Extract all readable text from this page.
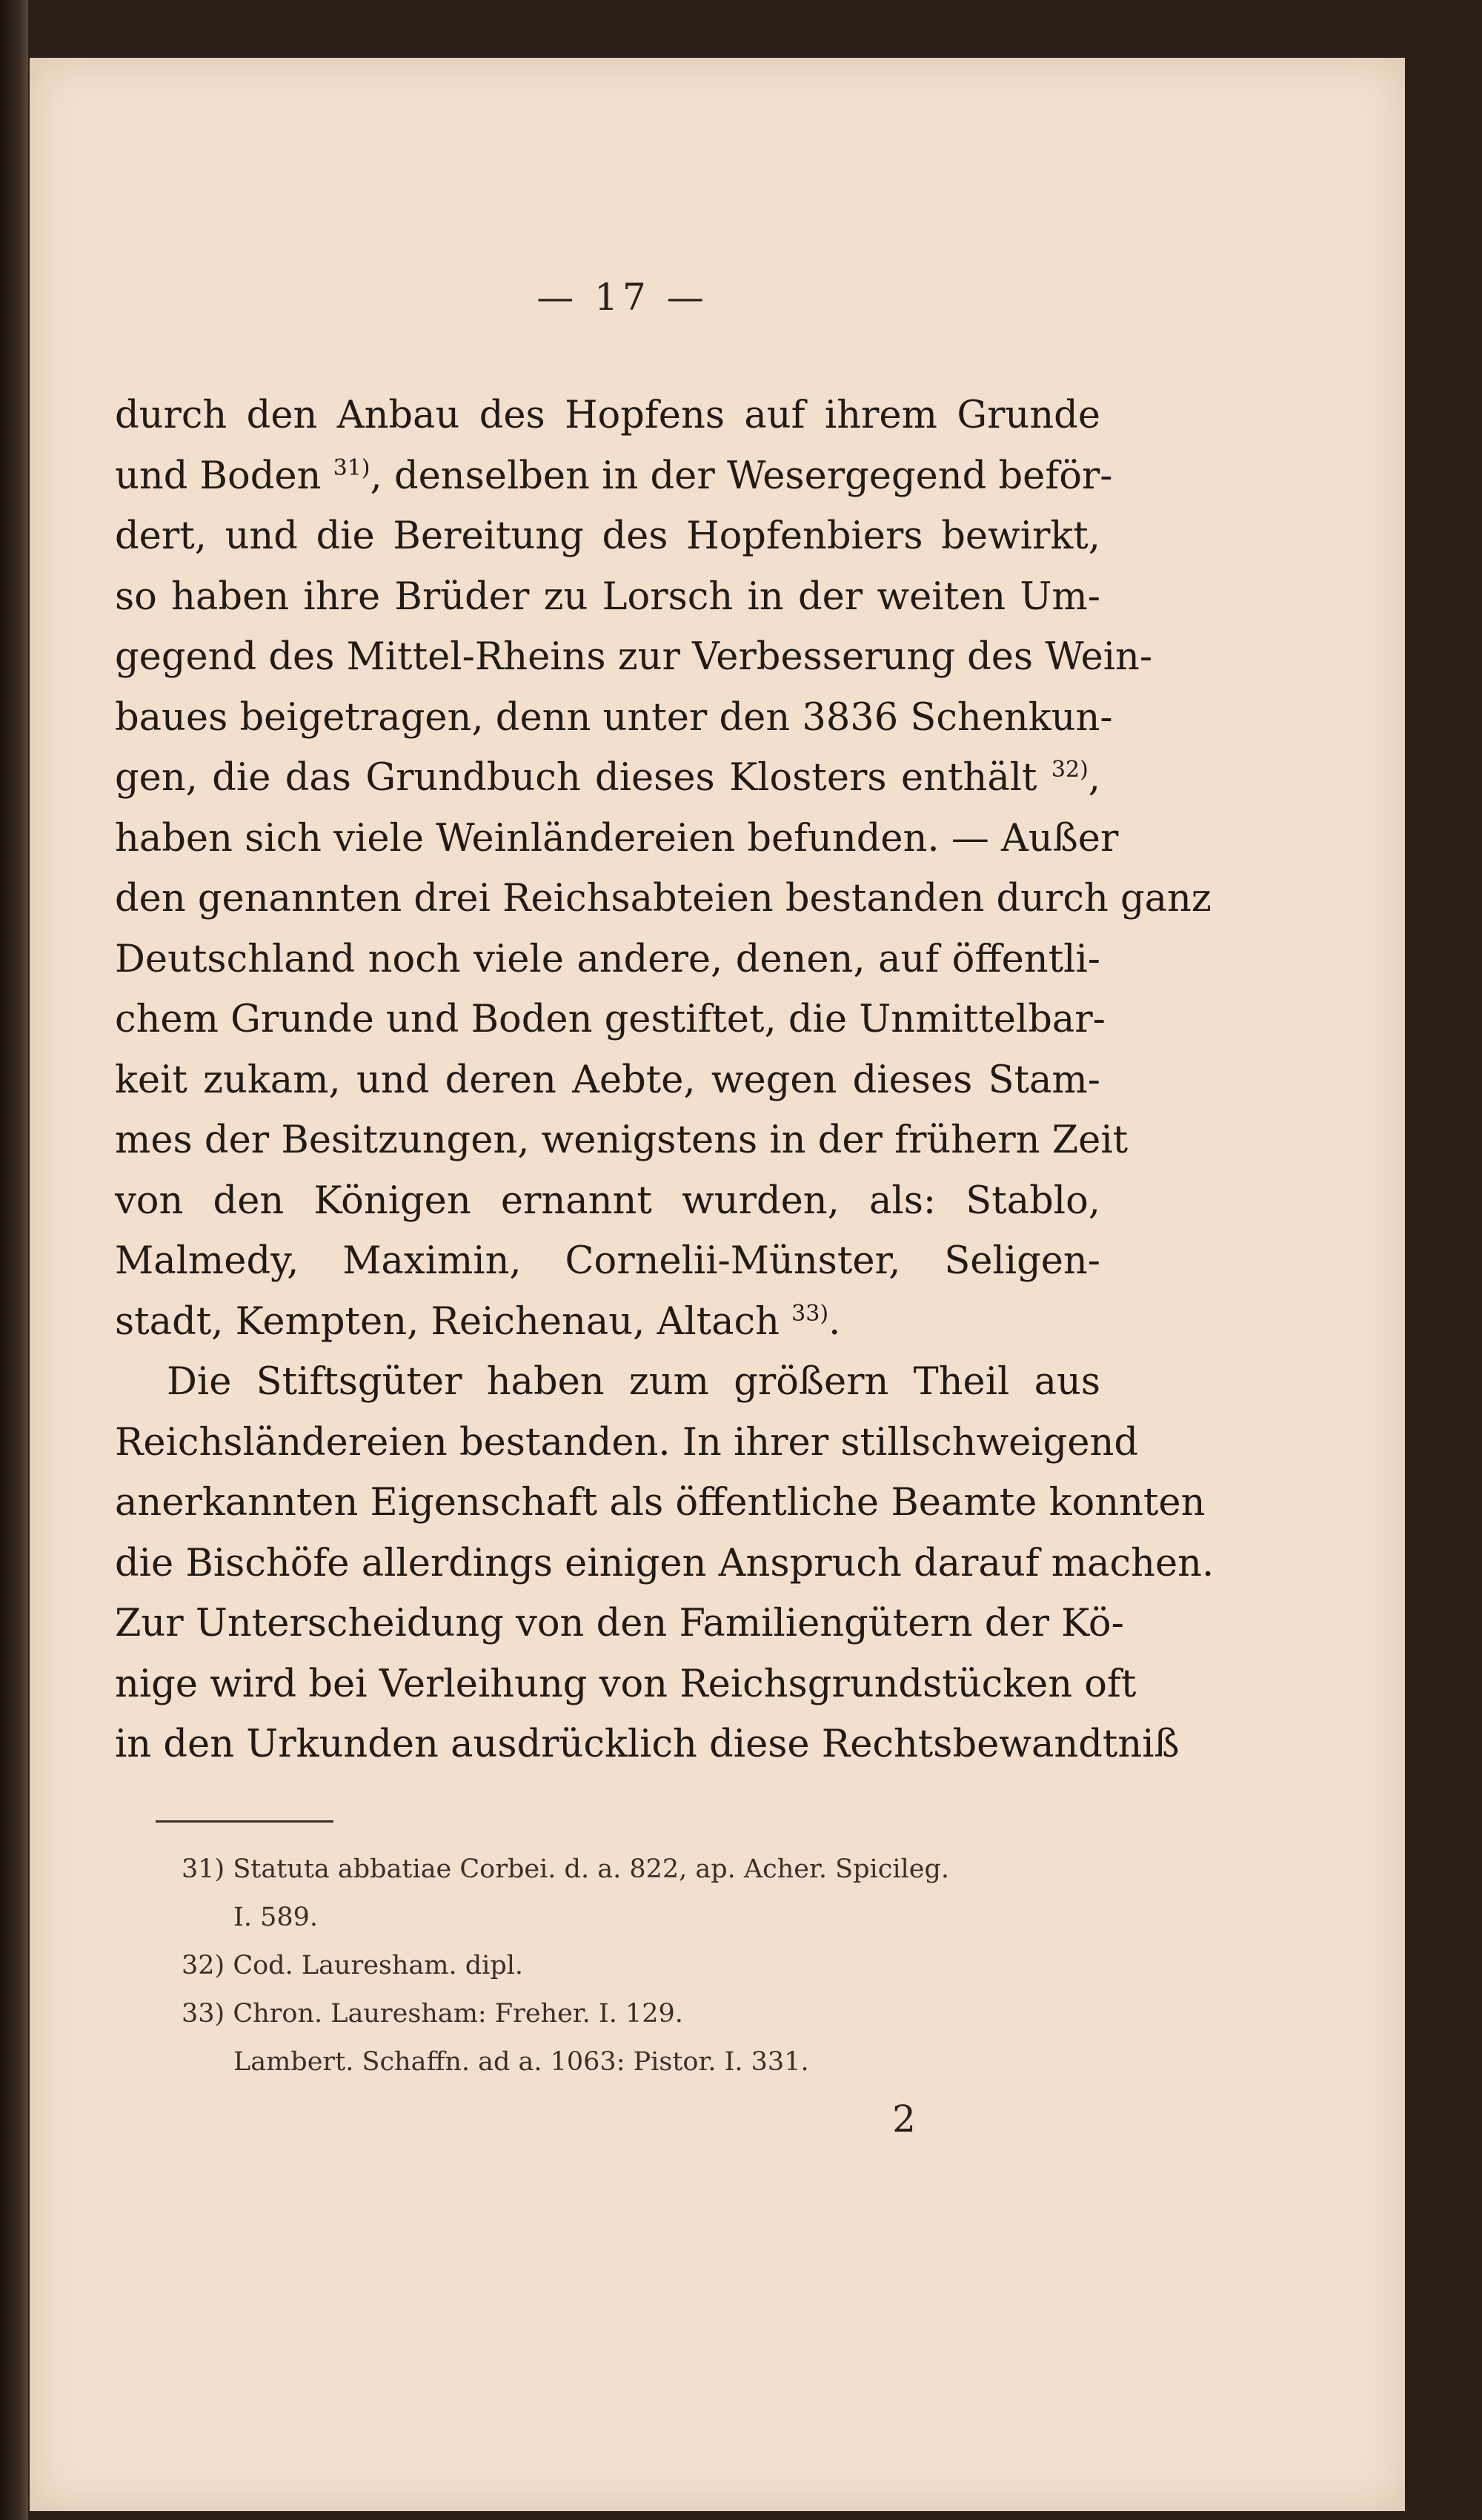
— 17 —
durch den Anbau des Hopfens auf ihrem Grunde
und Boden $^{31)}$, denselben in der Wesergegend beför-
dert, und die Bereitung des Hopfenbiers bewirkt,
so haben ihre Brüder zu Lorsch in der weiten Um-
gegend des Mittel-Rheins zur Verbesserung des Wein-
baues beigetragen, denn unter den 3836 Schenkun-
gen, die das Grundbuch dieses Klosters enthält $^{32)}$,
haben sich viele Weinländereien befunden. — Außer
den genannten drei Reichsabteien bestanden durch ganz
Deutschland noch viele andere, denen, auf öffentli-
chem Grunde und Boden gestiftet, die Unmittelbar-
keit zukam, und deren Aebte, wegen dieses Stam-
mes der Besitzungen, wenigstens in der frühern Zeit
von den Königen ernannt wurden, als: Stablo,
Malmedy, Maximin, Cornelii-Münster, Seligen-
stadt, Kempten, Reichenau, Altach $^{33)}$.
Die Stiftsgüter haben zum größern Theil aus
Reichsländereien bestanden. In ihrer stillschweigend
anerkannten Eigenschaft als öffentliche Beamte konnten
die Bischöfe allerdings einigen Anspruch darauf machen.
Zur Unterscheidung von den Familiengütern der Kö-
nige wird bei Verleihung von Reichsgrundstücken oft
in den Urkunden ausdrücklich diese Rechtsbewandtniß
31) Statuta abbatiae Corbei. d. a. 822, ap. Acher. Spicileg.
I. 589.
32) Cod. Lauresham. dipl.
33) Chron. Lauresham: Freher. I. 129.
Lambert. Schaffn. ad a. 1063: Pistor. I. 331.
2
